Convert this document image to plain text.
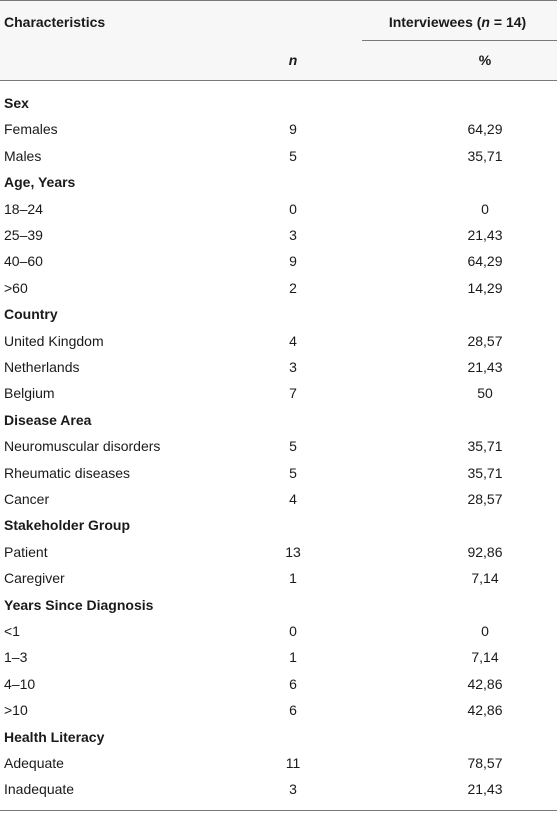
Characteristics	Interviewees (n = 14)
n	%
Sex
Females	9	64,29
Males	5	35,71
Age, Years
18–24	0	0
25–39	3	21,43
40–60	9	64,29
>60	2	14,29
Country
United Kingdom	4	28,57
Netherlands	3	21,43
Belgium	7	50
Disease Area
Neuromuscular disorders	5	35,71
Rheumatic diseases	5	35,71
Cancer	4	28,57
Stakeholder Group
Patient	13	92,86
Caregiver	1	7,14
Years Since Diagnosis
<1	0	0
1–3	1	7,14
4–10	6	42,86
>10	6	42,86
Health Literacy
Adequate	11	78,57
Inadequate	3	21,43
